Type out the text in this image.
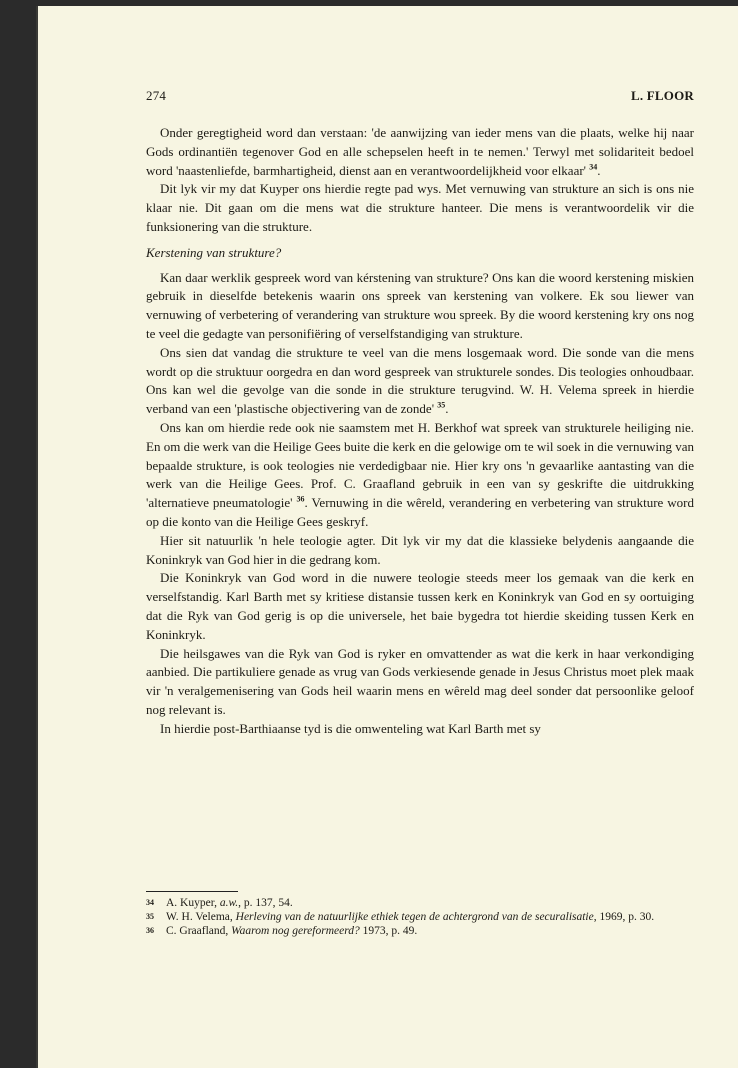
274	L. FLOOR

Onder geregtigheid word dan verstaan: 'de aanwijzing van ieder mens van die plaats, welke hij naar Gods ordinantiën tegenover God en alle schepselen heeft in te nemen.' Terwyl met solidariteit bedoel word 'naastenliefde, barmhartigheid, dienst aan en verantwoordelijkheid voor elkaar' $^{34}$.

Dit lyk vir my dat Kuyper ons hierdie regte pad wys. Met vernuwing van strukture an sich is ons nie klaar nie. Dit gaan om die mens wat die strukture hanteer. Die mens is verantwoordelik vir die funksionering van die strukture.

Kerstening van strukture?

Kan daar werklik gespreek word van kérstening van strukture? Ons kan die woord kerstening miskien gebruik in dieselfde betekenis waarin ons spreek van kerstening van volkere. Ek sou liewer van vernuwing of verbetering of verandering van strukture wou spreek. By die woord kerstening kry ons nog te veel die gedagte van personifiëring of verselfstandiging van strukture.

Ons sien dat vandag die strukture te veel van die mens losgemaak word. Die sonde van die mens wordt op die struktuur oorgedra en dan word gespreek van strukturele sondes. Dis teologies onhoudbaar. Ons kan wel die gevolge van die sonde in die strukture terugvind. W. H. Velema spreek in hierdie verband van een 'plastische objectivering van de zonde' $^{35}$.

Ons kan om hierdie rede ook nie saamstem met H. Berkhof wat spreek van strukturele heiliging nie. En om die werk van die Heilige Gees buite die kerk en die gelowige om te wil soek in die vernuwing van bepaalde strukture, is ook teologies nie verdedigbaar nie. Hier kry ons 'n gevaarlike aantasting van die werk van die Heilige Gees. Prof. C. Graafland gebruik in een van sy geskrifte die uitdrukking 'alternatieve pneumatologie' $^{36}$. Vernuwing in die wêreld, verandering en verbetering van strukture word op die konto van die Heilige Gees geskryf.

Hier sit natuurlik 'n hele teologie agter. Dit lyk vir my dat die klassieke belydenis aangaande die Koninkryk van God hier in die gedrang kom.

Die Koninkryk van God word in die nuwere teologie steeds meer los gemaak van die kerk en verselfstandig. Karl Barth met sy kritiese distansie tussen kerk en Koninkryk van God en sy oortuiging dat die Ryk van God gerig is op die universele, het baie bygedra tot hierdie skeiding tussen Kerk en Koninkryk.

Die heilsgawes van die Ryk van God is ryker en omvattender as wat die kerk in haar verkondiging aanbied. Die partikuliere genade as vrug van Gods verkiesende genade in Jesus Christus moet plek maak vir 'n veralgemenisering van Gods heil waarin mens en wêreld mag deel sonder dat persoonlike geloof nog relevant is.

In hierdie post-Barthiaanse tyd is die omwenteling wat Karl Barth met sy

34 A. Kuyper, a.w., p. 137, 54.

35 W. H. Velema, Herleving van de natuurlijke ethiek tegen de achtergrond van de securalisatie, 1969, p. 30.

36 C. Graafland, Waarom nog gereformeerd? 1973, p. 49.
